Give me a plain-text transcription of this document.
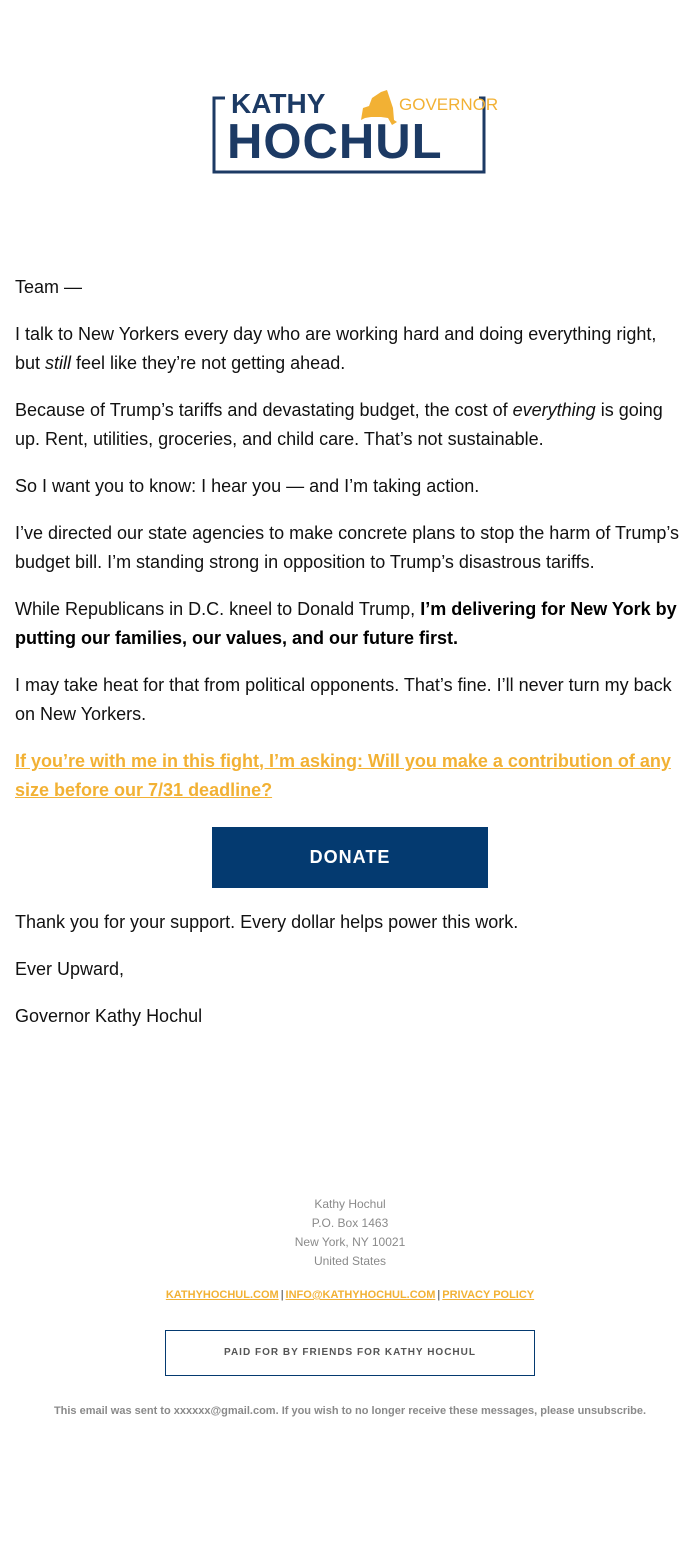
KATHY	GOVERNOR
HOCHUL

Team —

I talk to New Yorkers every day who are working hard and doing everything right, but still feel like they’re not getting ahead.

Because of Trump’s tariffs and devastating budget, the cost of everything is going up. Rent, utilities, groceries, and child care. That’s not sustainable.

So I want you to know: I hear you — and I’m taking action.

I’ve directed our state agencies to make concrete plans to stop the harm of Trump’s budget bill. I’m standing strong in opposition to Trump’s disastrous tariffs.

While Republicans in D.C. kneel to Donald Trump, I’m delivering for New York by putting our families, our values, and our future first.

I may take heat for that from political opponents. That’s fine. I’ll never turn my back on New Yorkers.

If you’re with me in this fight, I’m asking: Will you make a contribution of any size before our 7/31 deadline?

DONATE

Thank you for your support. Every dollar helps power this work.

Ever Upward,

Governor Kathy Hochul

Kathy Hochul
P.O. Box 1463
New York, NY 10021
United States
KATHYHOCHUL.COM | INFO@KATHYHOCHUL.COM | PRIVACY POLICY
PAID FOR BY FRIENDS FOR KATHY HOCHUL
This email was sent to xxxxxx@gmail.com. If you wish to no longer receive these messages, please unsubscribe.
